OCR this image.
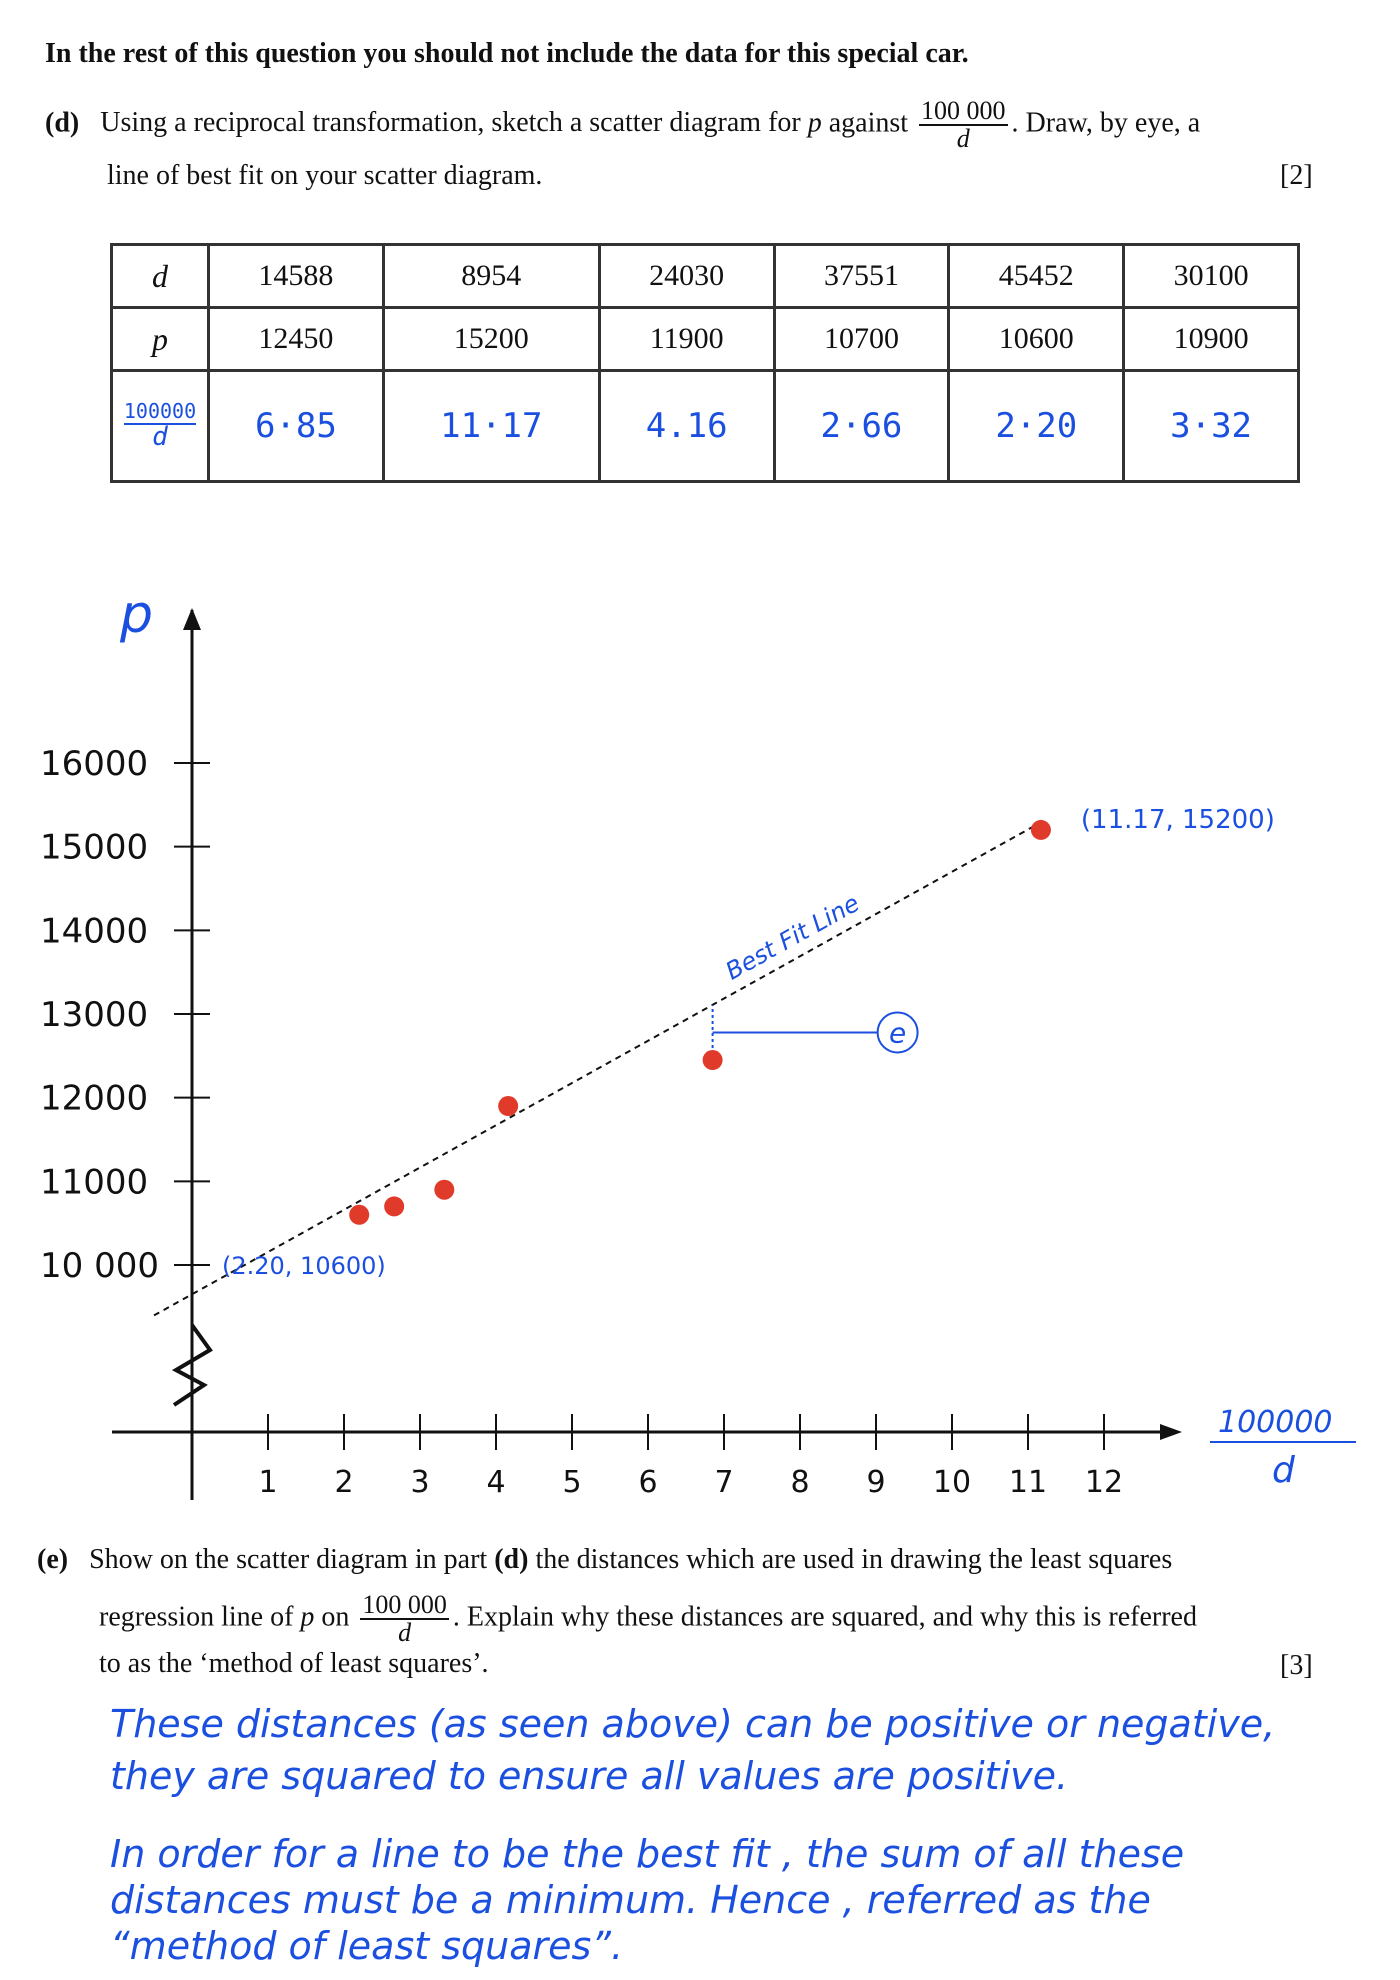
In the rest of this question you should not include the data for this special car.
(d) Using a reciprocal transformation, sketch a scatter diagram for p against $\frac{100 000}{d}$ . Draw, by eye, a
line of best fit on your scatter diagram.	[2]
d	14588	8954	24030	37551	45452	30100
p	12450	15200	11900	10700	10600	10900

$\frac{100000}{d}$	6·85	11·17	4.16	2·66	2·20	3·32
16000
15000
14000
13000
12000
11000
10 000
1 2 3 4 5 6 7 8 9 10 11 12
e
p
Best Fit Line
(11.17, 15200)
(2.20, 10600)
100000
d
(e) Show on the scatter diagram in part (d) the distances which are used in drawing the least squares
regression line of p on $\frac{100 000}{d}$ . Explain why these distances are squared, and why this is referred
to as the ‘method of least squares’.	[3]
These distances (as seen above) can be positive or negative,
they are squared to ensure all values are positive.
In order for a line to be the best fit , the sum of all these
distances must be a minimum. Hence , referred as the
“method of least squares”.
